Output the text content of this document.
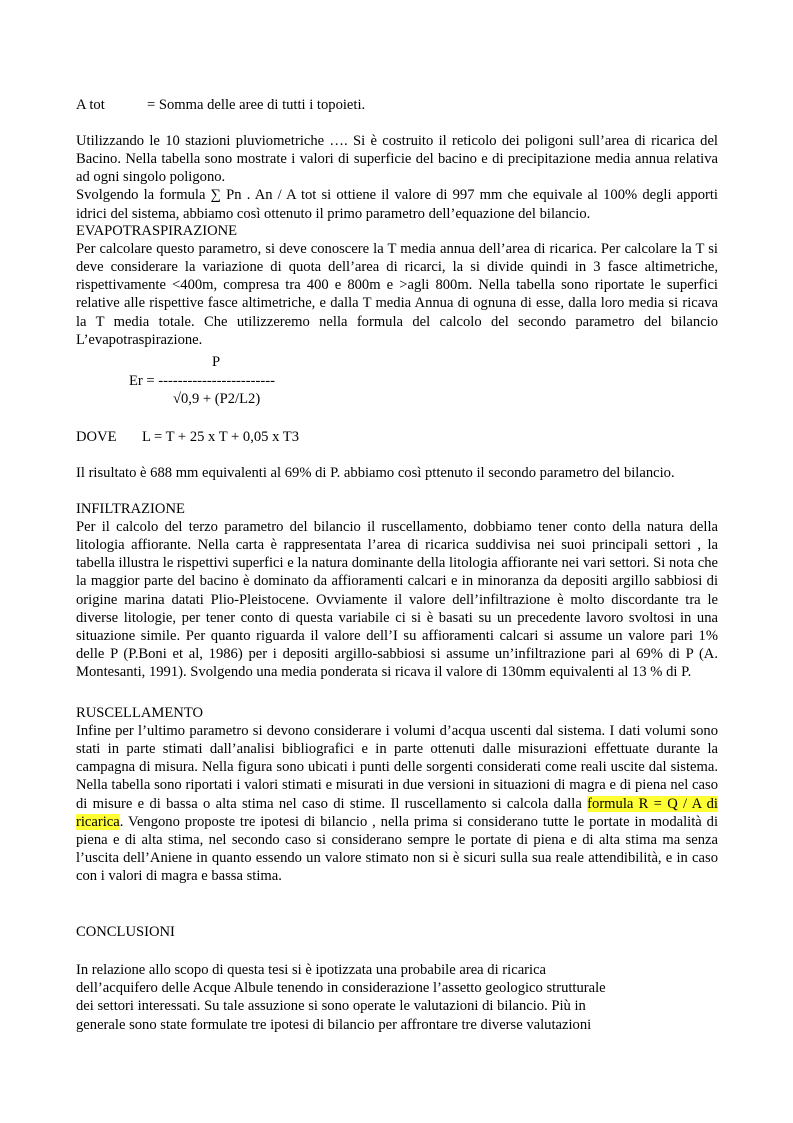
A tot	= Somma delle aree di tutti i topoieti.

Utilizzando le 10 stazioni pluviometriche …. Si è costruito il reticolo dei poligoni sull’area di ricarica del Bacino. Nella tabella sono mostrate i valori di superficie del bacino e di precipitazione media annua relativa ad ogni singolo poligono.

Svolgendo la formula ∑ Pn . An / A tot si ottiene il valore di 997 mm che equivale al 100% degli apporti idrici del sistema, abbiamo così ottenuto il primo parametro dell’equazione del bilancio.

EVAPOTRASPIRAZIONE

Per calcolare questo parametro, si deve conoscere la T media annua dell’area di ricarica. Per calcolare la T si deve considerare la variazione di quota dell’area di ricarci, la si divide quindi in 3 fasce altimetriche, rispettivamente <400m, compresa tra 400 e 800m e >agli 800m. Nella tabella sono riportate le superfici relative alle rispettive fasce altimetriche, e dalla T media Annua di ognuna di esse, dalla loro media si ricava la T media totale. Che utilizzeremo nella formula del calcolo del secondo parametro del bilancio L’evapotraspirazione.

P
Er = ------------------------
√0,9 + (P2/L2)
DOVE L = T + 25 x T + 0,05 x T3

Il risultato è 688 mm equivalenti al 69% di P. abbiamo così pttenuto il secondo parametro del bilancio.

INFILTRAZIONE

Per il calcolo del terzo parametro del bilancio il ruscellamento, dobbiamo tener conto della natura della litologia affiorante. Nella carta è rappresentata l’area di ricarica suddivisa nei suoi principali settori , la tabella illustra le rispettivi superfici e la natura dominante della litologia affiorante nei vari settori. Si nota che la maggior parte del bacino è dominato da affioramenti calcari e in minoranza da depositi argillo sabbiosi di origine marina datati Plio-Pleistocene. Ovviamente il valore dell’infiltrazione è molto discordante tra le diverse litologie, per tener conto di questa variabile ci si è basati su un precedente lavoro svoltosi in una situazione simile. Per quanto riguarda il valore dell’I su affioramenti calcari si assume un valore pari 1% delle P (P.Boni et al, 1986) per i depositi argillo-sabbiosi si assume un’infiltrazione pari al 69% di P (A. Montesanti, 1991). Svolgendo una media ponderata si ricava il valore di 130mm equivalenti al 13 % di P.

RUSCELLAMENTO

Infine per l’ultimo parametro si devono considerare i volumi d’acqua uscenti dal sistema. I dati volumi sono stati in parte stimati dall’analisi bibliografici e in parte ottenuti dalle misurazioni effettuate durante la campagna di misura. Nella figura sono ubicati i punti delle sorgenti considerati come reali uscite dal sistema. Nella tabella sono riportati i valori stimati e misurati in due versioni in situazioni di magra e di piena nel caso di misure e di bassa o alta stima nel caso di stime. Il ruscellamento si calcola dalla formula R = Q / A di ricarica. Vengono proposte tre ipotesi di bilancio , nella prima si considerano tutte le portate in modalità di piena e di alta stima, nel secondo caso si considerano sempre le portate di piena e di alta stima ma senza l’uscita dell’Aniene in quanto essendo un valore stimato non si è sicuri sulla sua reale attendibilità, e in caso con i valori di magra e bassa stima.

CONCLUSIONI
In relazione allo scopo di questa tesi si è ipotizzata una probabile area di ricarica
dell’acquifero delle Acque Albule tenendo in considerazione l’assetto geologico strutturale
dei settori interessati. Su tale assuzione si sono operate le valutazioni di bilancio. Più in
generale sono state formulate tre ipotesi di bilancio per affrontare tre diverse valutazioni
